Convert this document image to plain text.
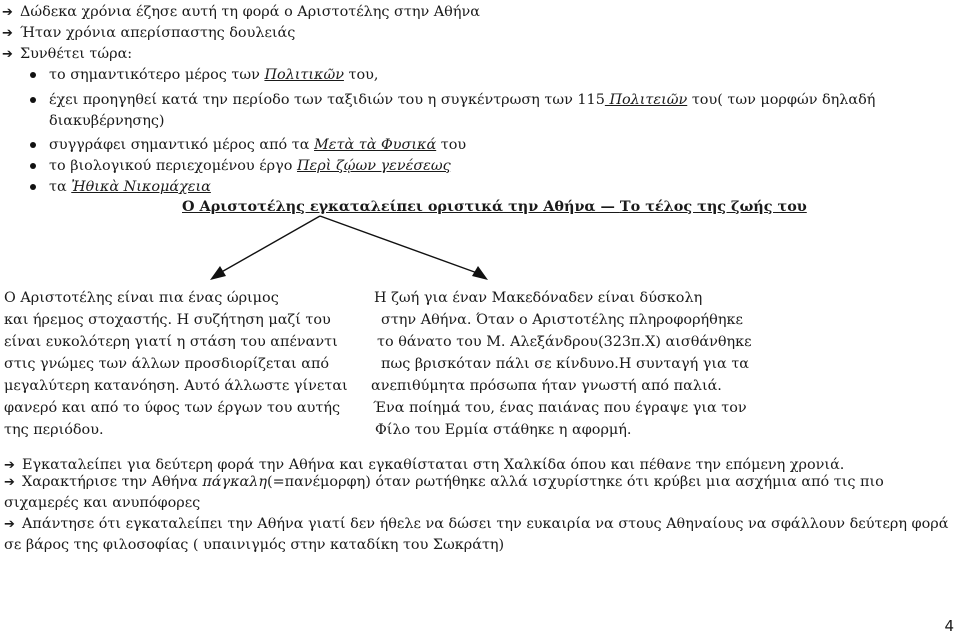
➔ Δώδεκα χρόνια έζησε αυτή τη φορά ο Αριστοτέλης στην Αθήνα
➔ Ήταν χρόνια απερίσπαστης δουλειάς
➔ Συνθέτει τώρα:
το σημαντικότερο μέρος των Πολιτικῶν του,
έχει προηγηθεί κατά την περίοδο των ταξιδιών του η συγκέντρωση των 115 Πολιτειῶν του( των μορφών δηλαδή
διακυβέρνησης)
συγγράφει σημαντικό μέρος από τα Μετὰ τὰ Φυσικά του
το βιολογικού περιεχομένου έργο Περὶ ζῴων γενέσεως
τα Ἠθικὰ Νικομάχεια
Ο Αριστοτέλης εγκαταλείπει οριστικά την Αθήνα — Το τέλος της ζωής του
Ο Αριστοτέλης είναι πια ένας ώριμος
και ήρεμος στοχαστής. Η συζήτηση μαζί του
είναι ευκολότερη γιατί η στάση του απέναντι
στις γνώμες των άλλων προσδιορίζεται από
μεγαλύτερη κατανόηση. Αυτό άλλωστε γίνεται
φανερό και από το ύφος των έργων του αυτής
της περιόδου.
Η ζωή για έναν Μακεδόναδεν είναι δύσκολη
στην Αθήνα. Όταν ο Αριστοτέλης πληροφορήθηκε
το θάνατο του Μ. Αλεξάνδρου(323π.Χ) αισθάνθηκε
πως βρισκόταν πάλι σε κίνδυνο.Η συνταγή για τα
ανεπιθύμητα πρόσωπα ήταν γνωστή από παλιά.
Ένα ποίημά του, ένας παιάνας που έγραψε για τον
Φίλο του Ερμία στάθηκε η αφορμή.
➔ Εγκαταλείπει για δεύτερη φορά την Αθήνα και εγκαθίσταται στη Χαλκίδα όπου και πέθανε την επόμενη χρονιά.
➔ Χαρακτήρισε την Αθήνα πάγκαλη(=πανέμορφη) όταν ρωτήθηκε αλλά ισχυρίστηκε ότι κρύβει μια ασχήμια από τις πιο σιχαμερές και ανυπόφορες
➔ Απάντησε ότι εγκαταλείπει την Αθήνα γιατί δεν ήθελε να δώσει την ευκαιρία να στους Αθηναίους να σφάλλουν δεύτερη φορά σε βάρος της φιλοσοφίας ( υπαινιγμός στην καταδίκη του Σωκράτη)
4
